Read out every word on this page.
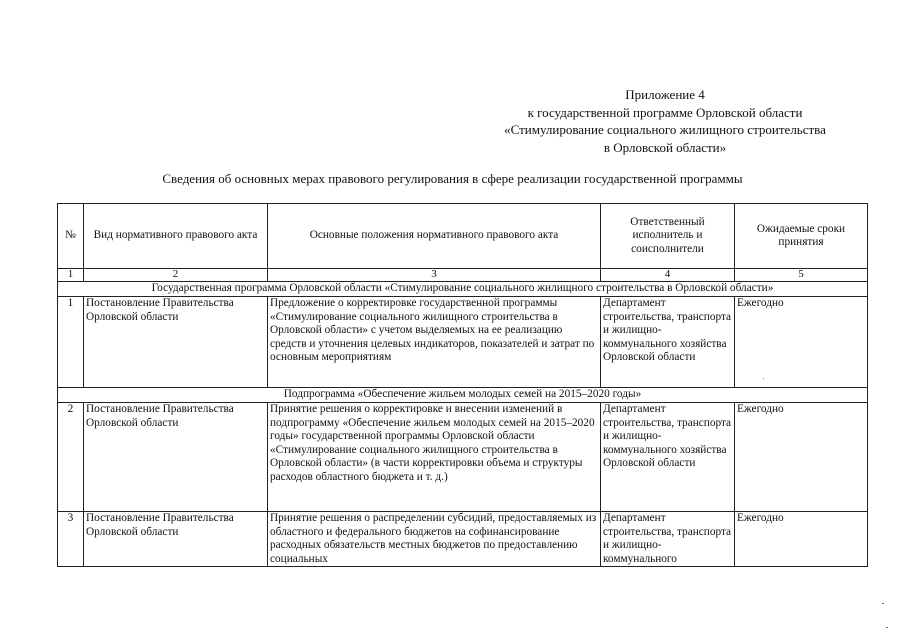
Приложение 4
к государственной программе Орловской области
«Стимулирование социального жилищного строительства
в Орловской области»
Сведения об основных мерах правового регулирования в сфере реализации государственной программы
№	Вид нормативного правового акта	Основные положения нормативного правового акта	Ответственный исполнитель и соисполнители	Ожидаемые сроки принятия
1	2	3	4	5
Государственная программа Орловской области «Стимулирование социального жилищного строительства в Орловской области»				
1	Постановление Правительства Орловской области	Предложение о корректировке государственной программы «Стимулирование социального жилищного строительства в Орловской области» с учетом выделяемых на ее реализацию средств и уточнения целевых индикаторов, показателей и затрат по основным мероприятиям	Департамент строительства, транспорта и жилищно-коммунального хозяйства Орловской области	Ежегодно
Подпрограмма «Обеспечение жильем молодых семей на 2015–2020 годы»				
2	Постановление Правительства Орловской области	Принятие решения о корректировке и внесении изменений в подпрограмму «Обеспечение жильем молодых семей на 2015–2020 годы» государственной программы Орловской области «Стимулирование социального жилищного строительства в Орловской области» (в части корректировки объема и структуры расходов областного бюджета и т. д.)	Департамент строительства, транспорта и жилищно-коммунального хозяйства Орловской области	Ежегодно
3	Постановление Правительства Орловской области	Принятие решения о распределении субсидий, предоставляемых из областного и федерального бюджетов на софинансирование расходных обязательств местных бюджетов по предоставлению социальных	Департамент строительства, транспорта и жилищно-коммунального	Ежегодно
